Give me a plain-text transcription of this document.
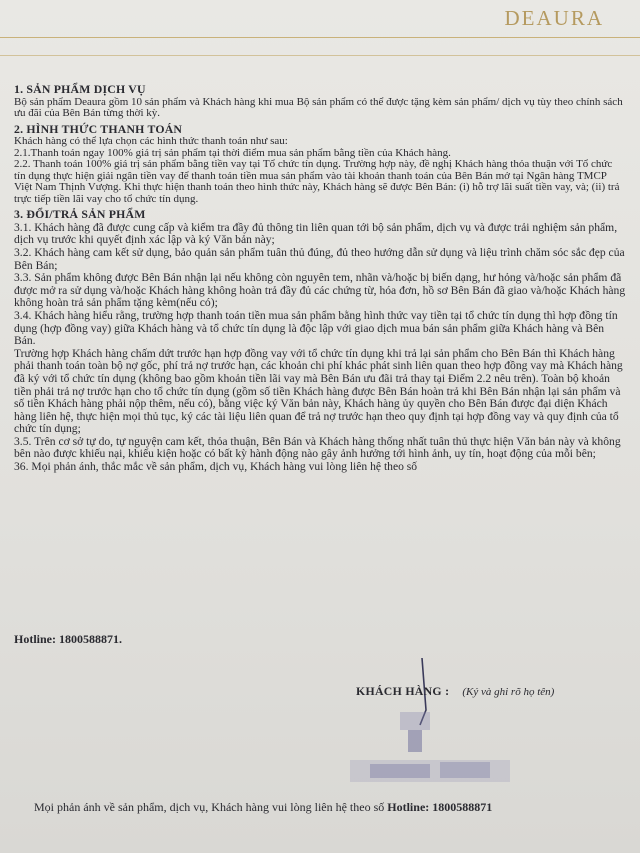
DEAURA
1. SẢN PHẨM DỊCH VỤ

Bộ sản phẩm Deaura gồm 10 sản phẩm và Khách hàng khi mua Bộ sản phẩm có thể được tặng kèm sản phẩm/ dịch vụ tùy theo chính sách ưu đãi của Bên Bán từng thời kỳ.

2. HÌNH THỨC THANH TOÁN

Khách hàng có thể lựa chọn các hình thức thanh toán như sau:

2.1.Thanh toán ngay 100% giá trị sản phẩm tại thời điểm mua sản phẩm bằng tiền của Khách hàng.

2.2. Thanh toán 100% giá trị sản phẩm bằng tiền vay tại Tổ chức tín dụng. Trường hợp này, đề nghị Khách hàng thỏa thuận với Tổ chức tín dụng thực hiện giải ngân tiền vay để thanh toán tiền mua sản phẩm vào tài khoản thanh toán của Bên Bán mở tại Ngân hàng TMCP Việt Nam Thịnh Vượng. Khi thực hiện thanh toán theo hình thức này, Khách hàng sẽ được Bên Bán: (i) hỗ trợ lãi suất tiền vay, và; (ii) trả trực tiếp tiền lãi vay cho tổ chức tín dụng.

3. ĐỔI/TRẢ SẢN PHẨM

3.1. Khách hàng đã được cung cấp và kiểm tra đầy đủ thông tin liên quan tới bộ sản phẩm, dịch vụ và được trải nghiệm sản phẩm, dịch vụ trước khi quyết định xác lập và ký Văn bản này;

3.2. Khách hàng cam kết sử dụng, bảo quản sản phẩm tuân thủ đúng, đủ theo hướng dẫn sử dụng và liệu trình chăm sóc sắc đẹp của Bên Bán;

3.3. Sản phẩm không được Bên Bán nhận lại nếu không còn nguyên tem, nhãn và/hoặc bị biến dạng, hư hỏng và/hoặc sản phẩm đã được mở ra sử dụng và/hoặc Khách hàng không hoàn trả đầy đủ các chứng từ, hóa đơn, hồ sơ Bên Bán đã giao và/hoặc Khách hàng không hoàn trả sản phẩm tặng kèm(nếu có);

3.4. Khách hàng hiểu rằng, trường hợp thanh toán tiền mua sản phẩm bằng hình thức vay tiền tại tổ chức tín dụng thì hợp đồng tín dụng (hợp đồng vay) giữa Khách hàng và tổ chức tín dụng là độc lập với giao dịch mua bán sản phẩm giữa Khách hàng và Bên Bán.

Trường hợp Khách hàng chấm dứt trước hạn hợp đồng vay với tổ chức tín dụng khi trả lại sản phẩm cho Bên Bán thì Khách hàng phải thanh toán toàn bộ nợ gốc, phí trả nợ trước hạn, các khoản chi phí khác phát sinh liên quan theo hợp đồng vay mà Khách hàng đã ký với tổ chức tín dụng (không bao gồm khoản tiền lãi vay mà Bên Bán ưu đãi trả thay tại Điểm 2.2 nêu trên). Toàn bộ khoản tiền phải trả nợ trước hạn cho tổ chức tín dụng (gồm số tiền Khách hàng được Bên Bán hoàn trả khi Bên Bán nhận lại sản phẩm và số tiền Khách hàng phải nộp thêm, nếu có), bằng việc ký Văn bản này, Khách hàng ủy quyền cho Bên Bán được đại diện Khách hàng liên hệ, thực hiện mọi thủ tục, ký các tài liệu liên quan để trả nợ trước hạn theo quy định tại hợp đồng vay và quy định của tổ chức tín dụng;

3.5. Trên cơ sở tự do, tự nguyện cam kết, thỏa thuận, Bên Bán và Khách hàng thống nhất tuân thủ thực hiện Văn bản này và không bên nào được khiếu nại, khiếu kiện hoặc có bất kỳ hành động nào gây ảnh hưởng tới hình ảnh, uy tín, hoạt động của mỗi bên;

36. Mọi phản ánh, thắc mắc về sản phẩm, dịch vụ, Khách hàng vui lòng liên hệ theo số

Hotline: 1800588871.
KHÁCH HÀNG : (Ký và ghi rõ họ tên)
Mọi phản ánh về sản phẩm, dịch vụ, Khách hàng vui lòng liên hệ theo số Hotline: 1800588871
